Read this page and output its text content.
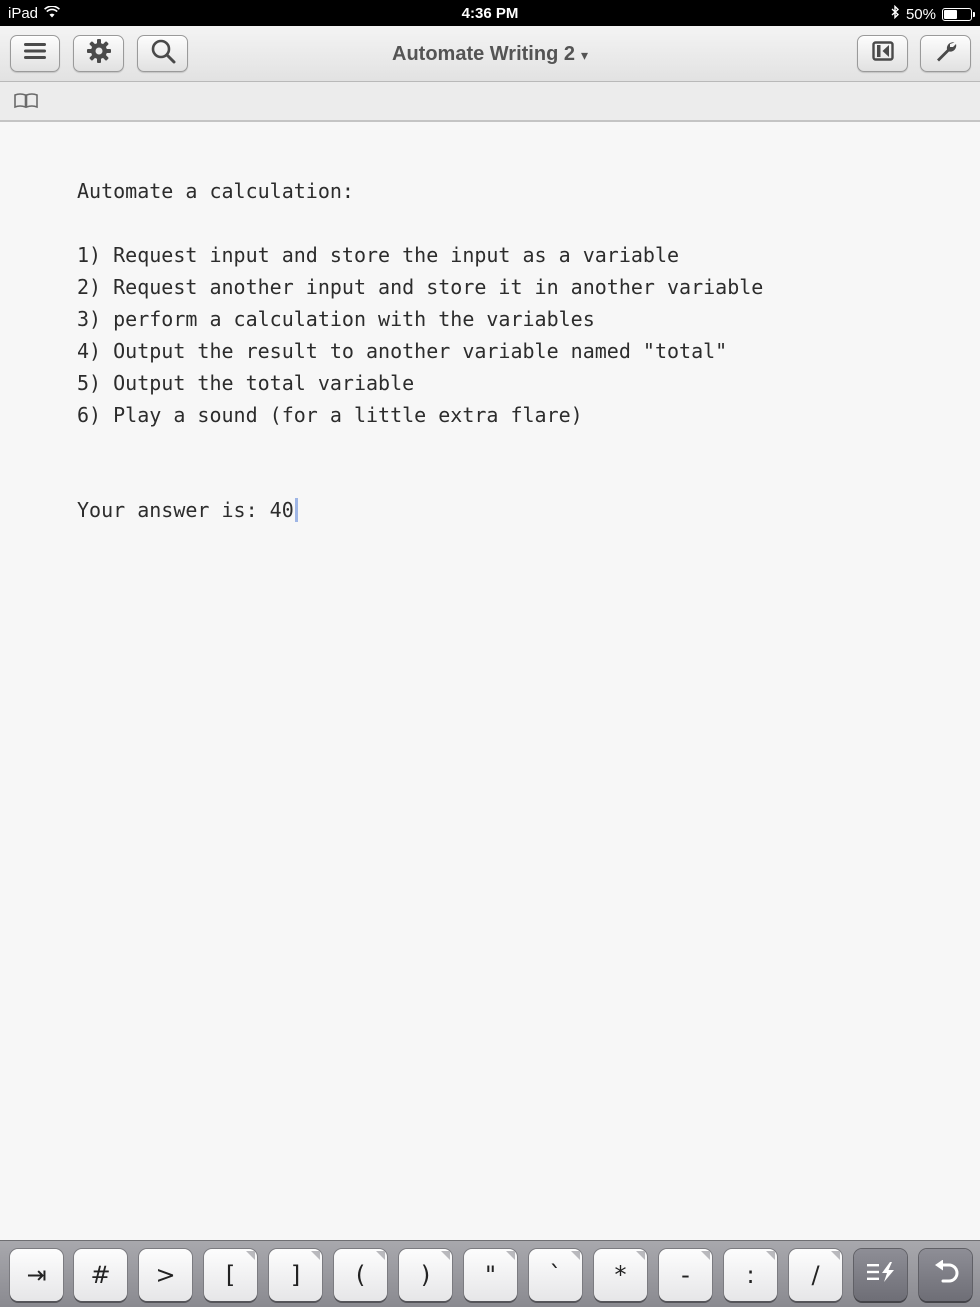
iPad	4:36 PM	50%
Automate Writing 2 ▾
Automate a calculation:
1) Request input and store the input as a variable
2) Request another input and store it in another variable
3) perform a calculation with the variables
4) Output the result to another variable named "total"
5) Output the total variable
6) Play a sound (for a little extra flare)
Your answer is: 40
⇥	#	>	[	]	(	)	"	`	*	-	:	/
